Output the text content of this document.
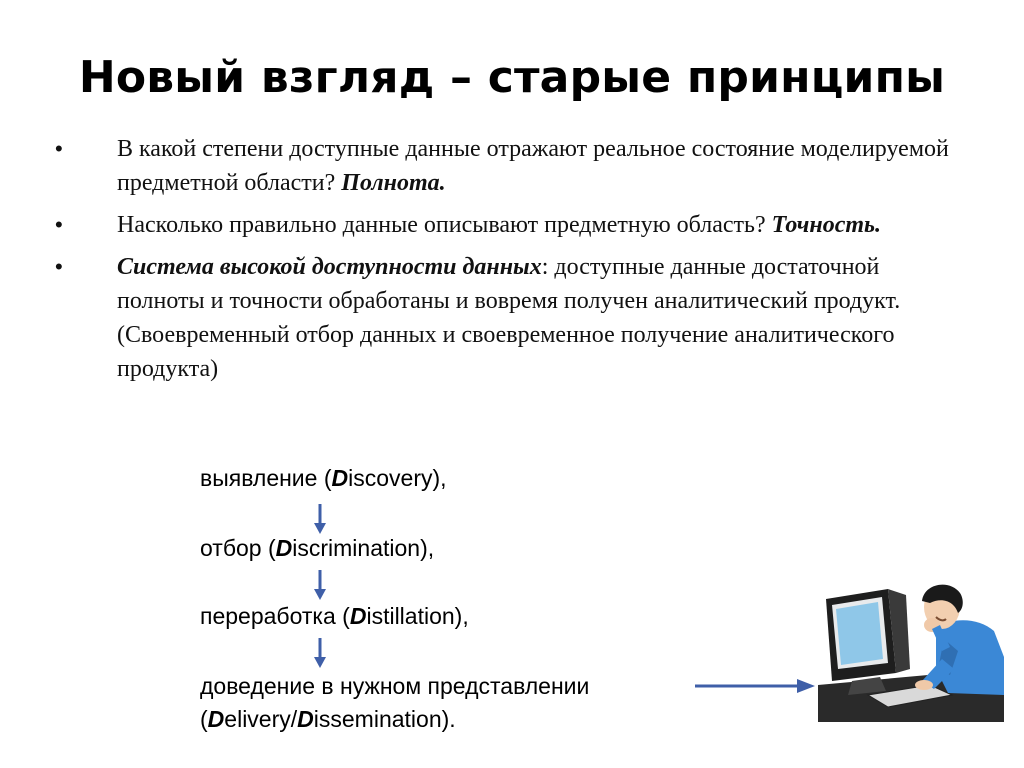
Новый взгляд – старые принципы
•	В какой степени доступные данные отражают реальное состояние моделируемой предметной области? Полнота.
•	Насколько правильно данные описывают предметную область? Точность.
•	Система высокой доступности данных: доступные данные достаточной полноты и точности обработаны и вовремя получен аналитический продукт. (Своевременный отбор данных и своевременное получение аналитического продукта)
выявление (Discovery),
отбор (Discrimination),
переработка (Distillation),
доведение в нужном представлении
(Delivery/Dissemination).
